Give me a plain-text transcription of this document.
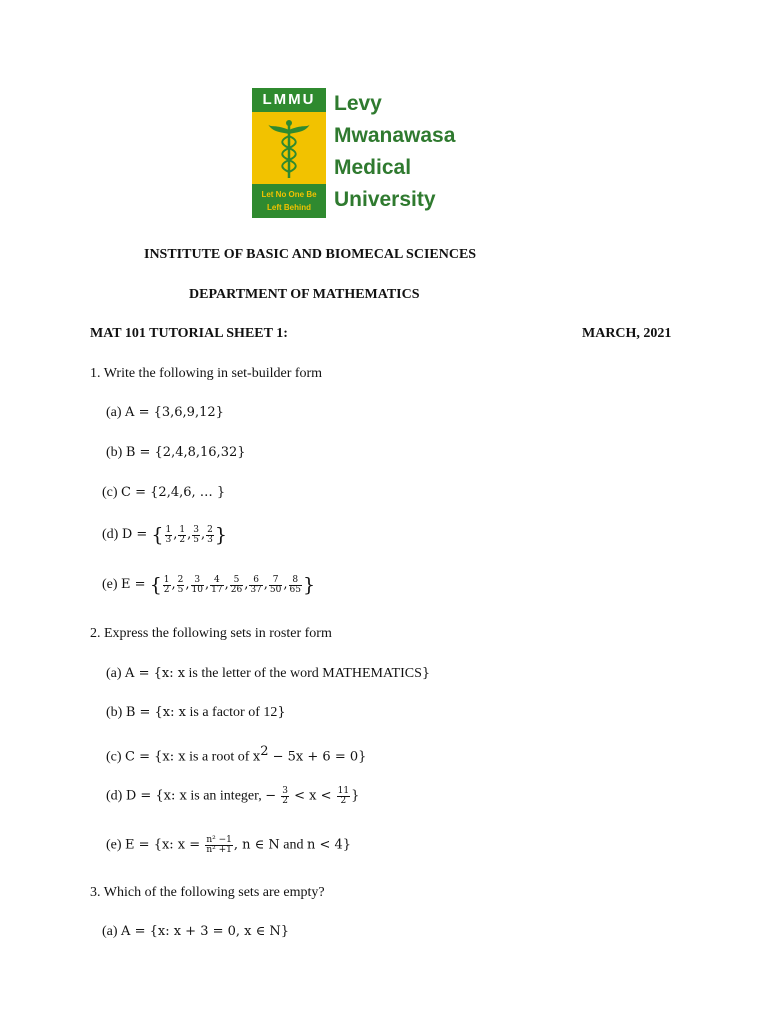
LMMU
Let No One Be
Left Behind
Levy
Mwanawasa
Medical
University
INSTITUTE OF BASIC AND BIOMECAL SCIENCES
DEPARTMENT OF MATHEMATICS
MAT 101 TUTORIAL SHEET 1:	MARCH, 2021
1. Write the following in set-builder form
(a) A = {3,6,9,12}
(b) B = {2,4,8,16,32}
(c) C = {2,4,6, … }
(d) D = { $\frac{1}{3}$ , $\frac{1}{2}$ , $\frac{3}{5}$ , $\frac{2}{3}$ }
(e) E = { $\frac{1}{2}$ , $\frac{2}{5}$ , $\frac{3}{10}$ , $\frac{4}{17}$ , $\frac{5}{26}$ , $\frac{6}{37}$ , $\frac{7}{50}$ , $\frac{8}{65}$ }
2. Express the following sets in roster form
(a) A = {x: x is the letter of the word MATHEMATICS}
(b) B = {x: x is a factor of 12}
(c) C = {x: x is a root of $x^2 - 5x + 6 = 0$}
(d) D = {x: x is an integer, − $\frac{3}{2} < x < \frac{11}{2}$ }
(e) E = {x: $x = \frac{\text{n² −1}}{\text{n² +1}}$ , n ∈ N and n < 4}
3. Which of the following sets are empty?
(a) A = {x: x + 3 = 0, x ∈ N}
